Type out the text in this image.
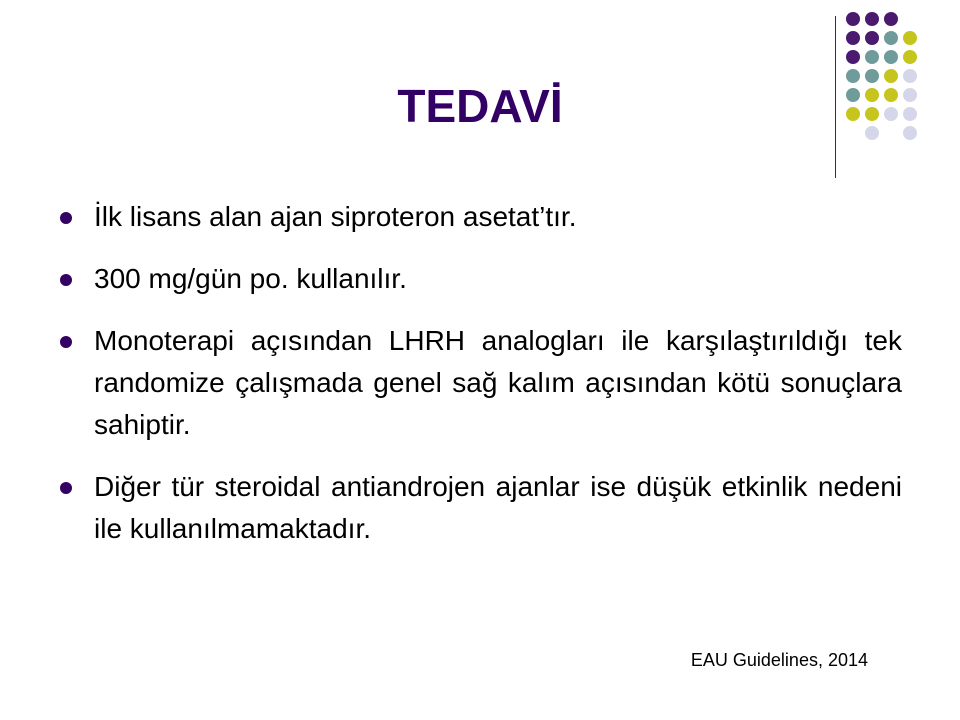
TEDAVİ
İlk lisans alan ajan siproteron asetat’tır.
300 mg/gün po. kullanılır.
Monoterapi açısından LHRH analogları ile karşılaştırıldığı tek randomize çalışmada genel sağ kalım açısından kötü sonuçlara sahiptir.
Diğer tür steroidal antiandrojen ajanlar ise düşük etkinlik nedeni ile kullanılmamaktadır.
EAU Guidelines, 2014
